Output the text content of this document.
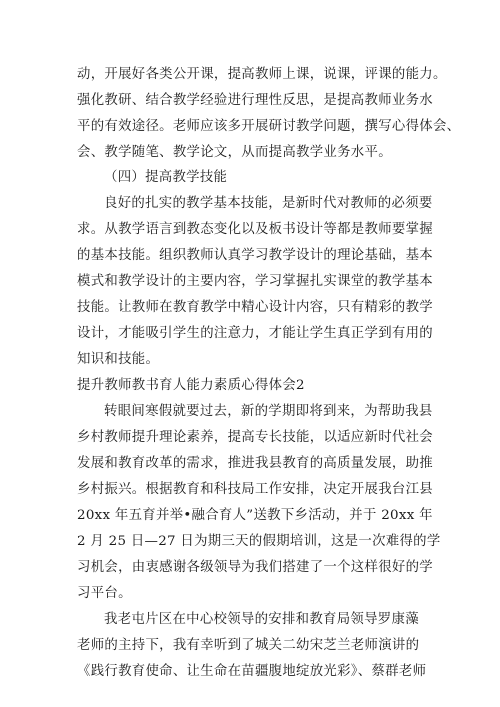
动，开展好各类公开课，提高教师上课，说课，评课的能力。
强化教研、结合教学经验进行理性反思，是提高教师业务水
平的有效途径。老师应该多开展研讨教学问题，撰写心得体会、
会、教学随笔、教学论文，从而提高教学业务水平。
（四）提高教学技能
良好的扎实的教学基本技能，是新时代对教师的必须要
求。从教学语言到教态变化以及板书设计等都是教师要掌握
的基本技能。组织教师认真学习教学设计的理论基础，基本
模式和教学设计的主要内容，学习掌握扎实课堂的教学基本
技能。让教师在教育教学中精心设计内容，只有精彩的教学
设计，才能吸引学生的注意力，才能让学生真正学到有用的
知识和技能。
提升教师教书育人能力素质心得体会2
转眼间寒假就要过去，新的学期即将到来，为帮助我县
乡村教师提升理论素养，提高专长技能，以适应新时代社会
发展和教育改革的需求，推进我县教育的高质量发展，助推
乡村振兴。根据教育和科技局工作安排，决定开展我台江县
20xx 年五育并举•融合育人”送教下乡活动，并于 20xx 年
2 月 25 日—27 日为期三天的假期培训，这是一次难得的学
习机会，由衷感谢各级领导为我们搭建了一个这样很好的学
习平台。
我老屯片区在中心校领导的安排和教育局领导罗康藻
老师的主持下，我有幸听到了城关二幼宋芝兰老师演讲的
《践行教育使命、让生命在苗疆腹地绽放光彩》、蔡群老师
